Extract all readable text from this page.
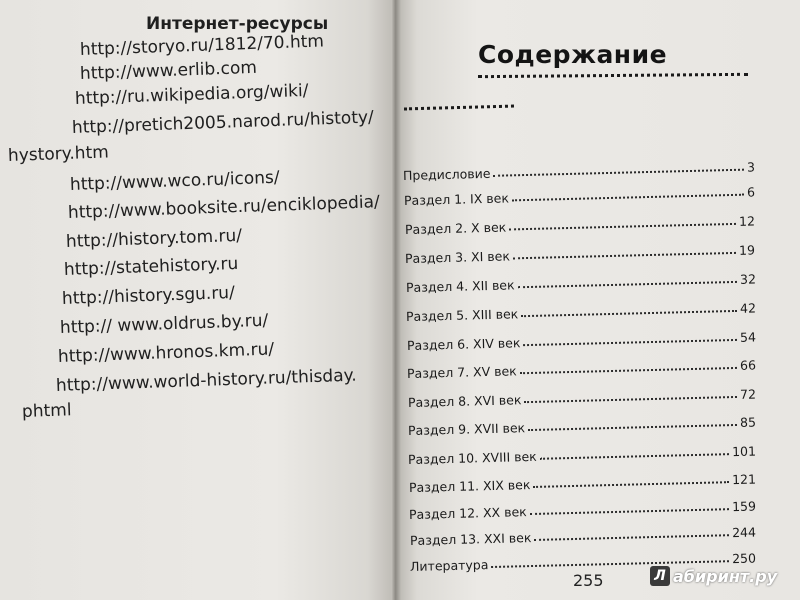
Интернет-ресурсы
http://storyo.ru/1812/70.htm
http://www.erlib.com
http://ru.wikipedia.org/wiki/
http://pretich2005.narod.ru/histoty/
hystory.htm
http://www.wco.ru/icons/
http://www.booksite.ru/enciklopedia/
http://history.tom.ru/
http://statehistory.ru
http://history.sgu.ru/
http:// www.oldrus.by.ru/
http://www.hronos.km.ru/
http://www.world-history.ru/thisday.
phtml
Содержание
Предисловие	3
Раздел 1. IX век	6
Раздел 2. X век	12
Раздел 3. XI век	19
Раздел 4. XII век	32
Раздел 5. XIII век	42
Раздел 6. XIV век	54
Раздел 7. XV век	66
Раздел 8. XVI век	72
Раздел 9. XVII век	85
Раздел 10. XVIII век	101
Раздел 11. XIX век	121
Раздел 12. XX век	159
Раздел 13. XXI век	244
Литература	250
255	Л абиринт.ру
